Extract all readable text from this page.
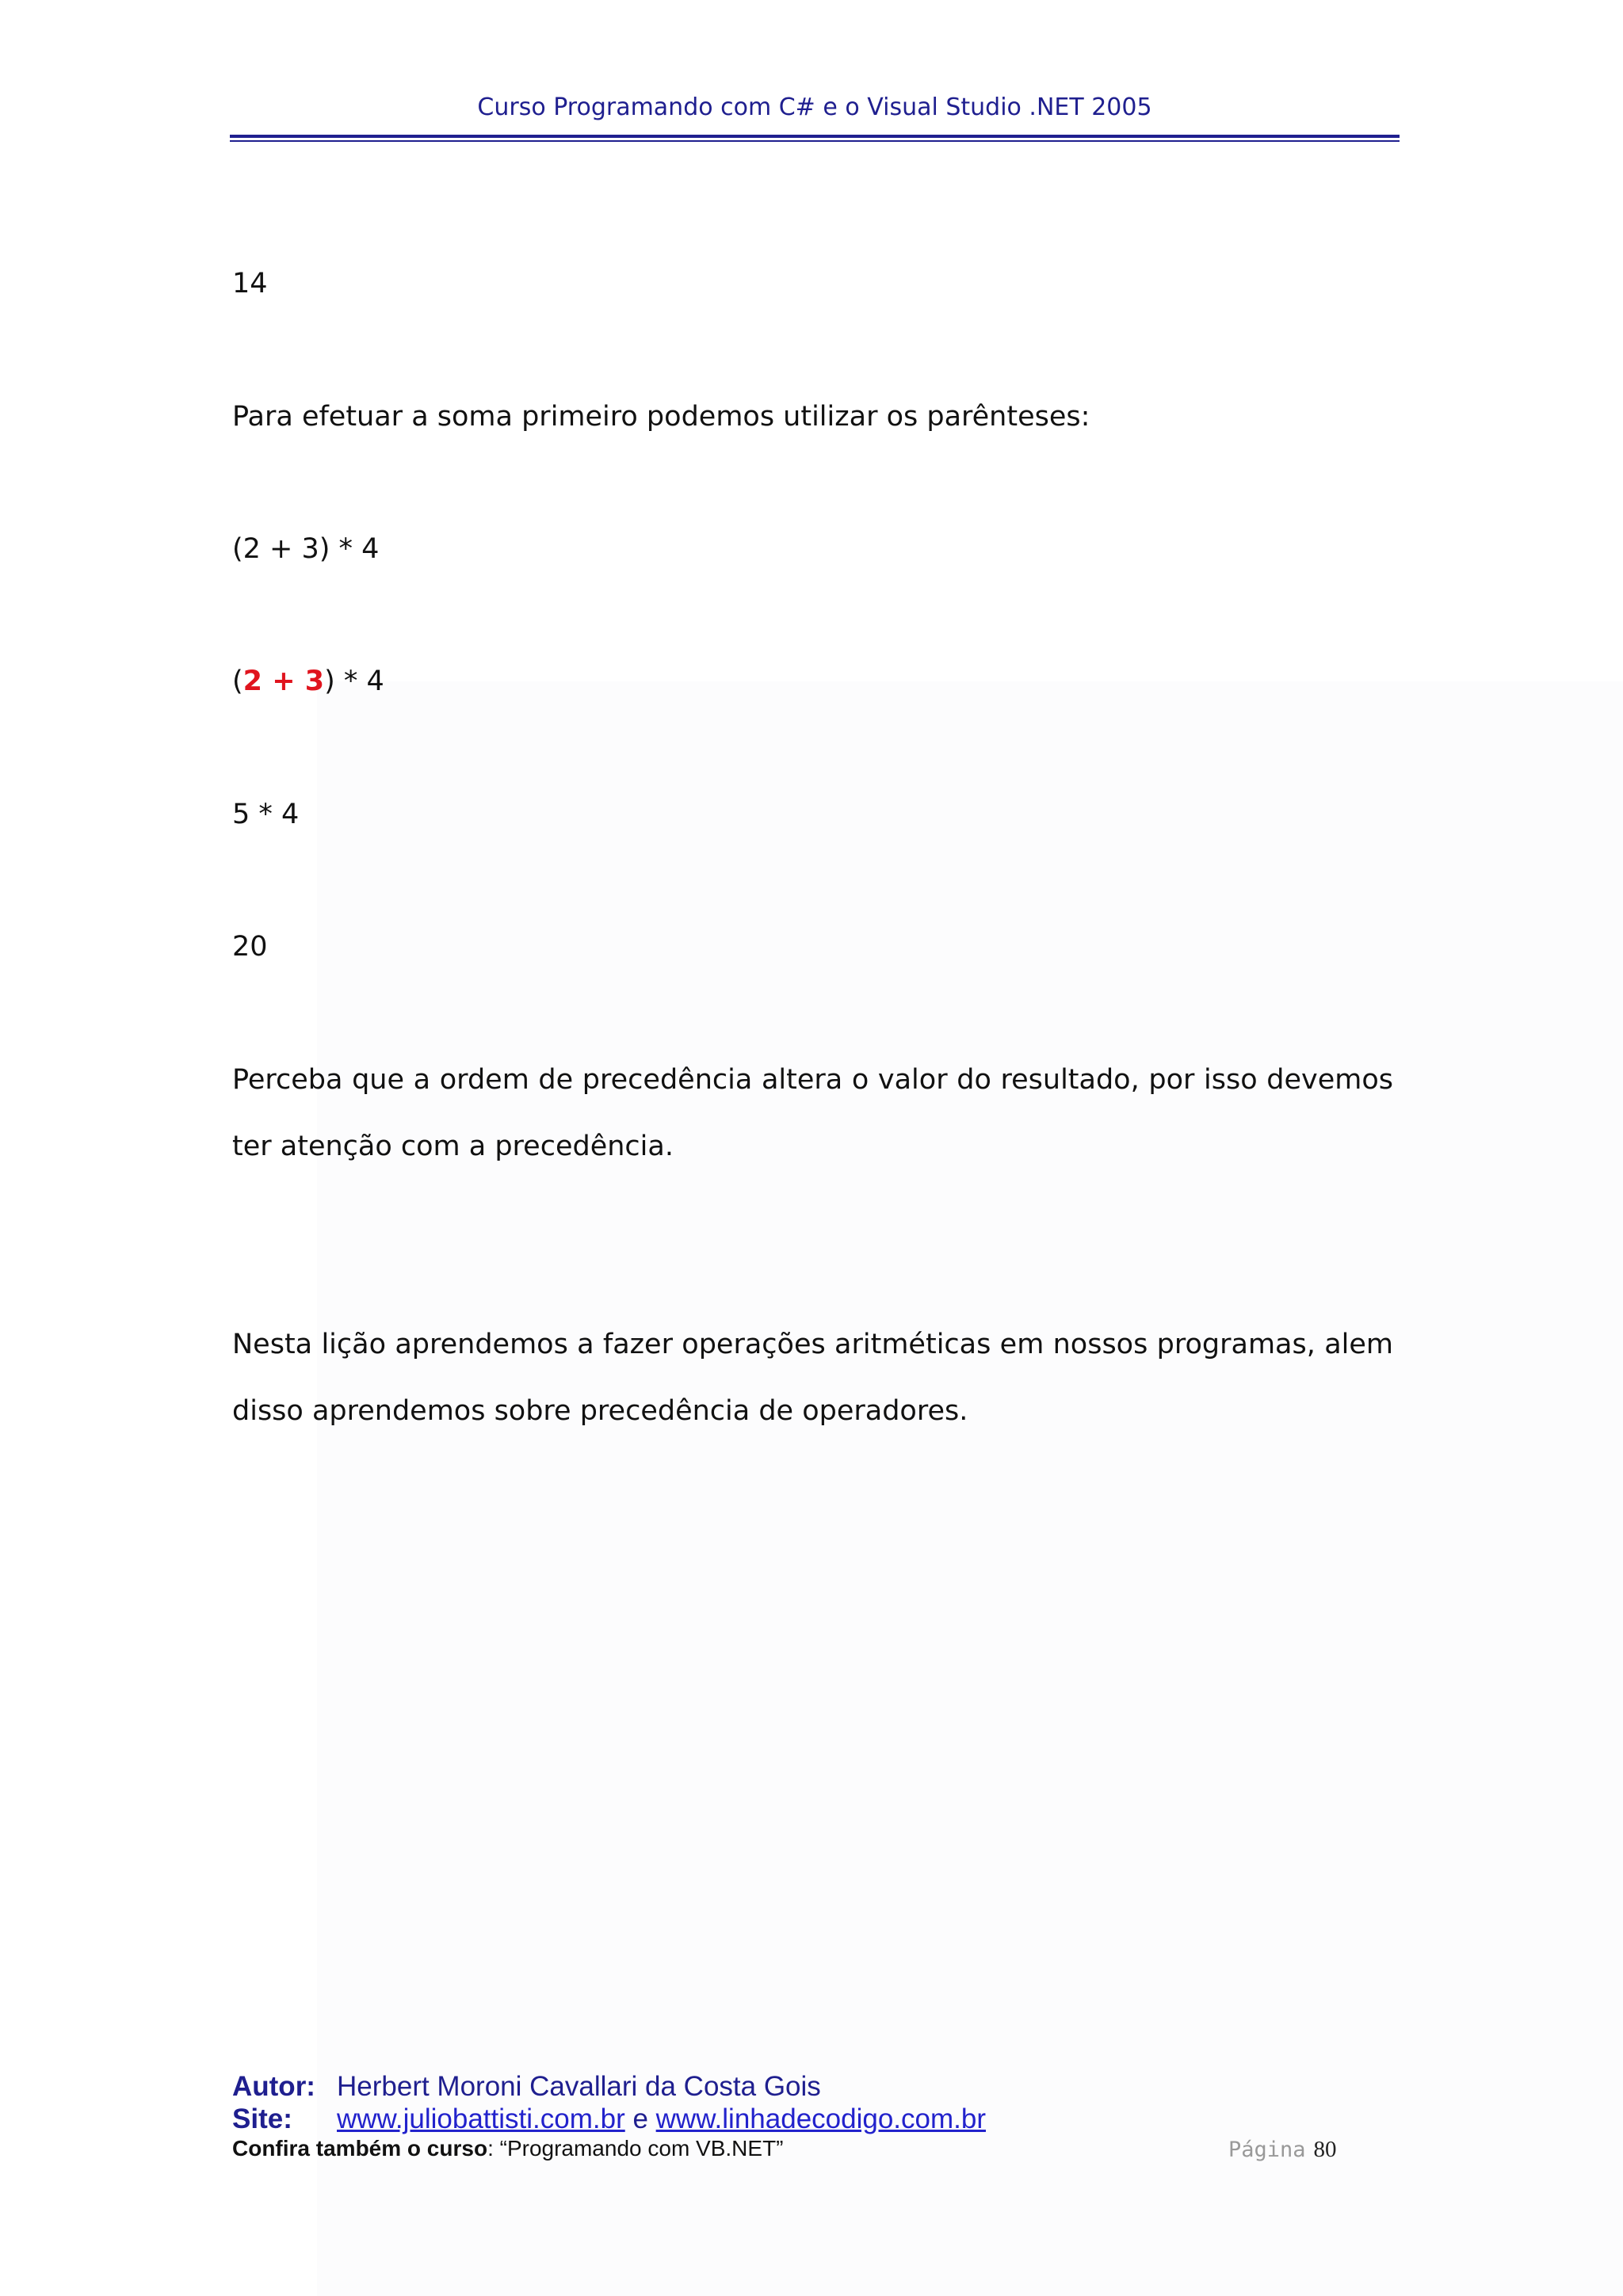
Curso Programando com C# e o Visual Studio .NET 2005
14
Para efetuar a soma primeiro podemos utilizar os parênteses:
(2 + 3) * 4
(2 + 3) * 4
5 * 4
20
Perceba que a ordem de precedência altera o valor do resultado, por isso devemos ter atenção com a precedência.
Nesta lição aprendemos a fazer operações aritméticas em nossos programas, alem disso aprendemos sobre precedência de operadores.
Autor: Herbert Moroni Cavallari da Costa Gois
Site: www.juliobattisti.com.br e www.linhadecodigo.com.br
Confira também o curso: “Programando com VB.NET”	Página 80
